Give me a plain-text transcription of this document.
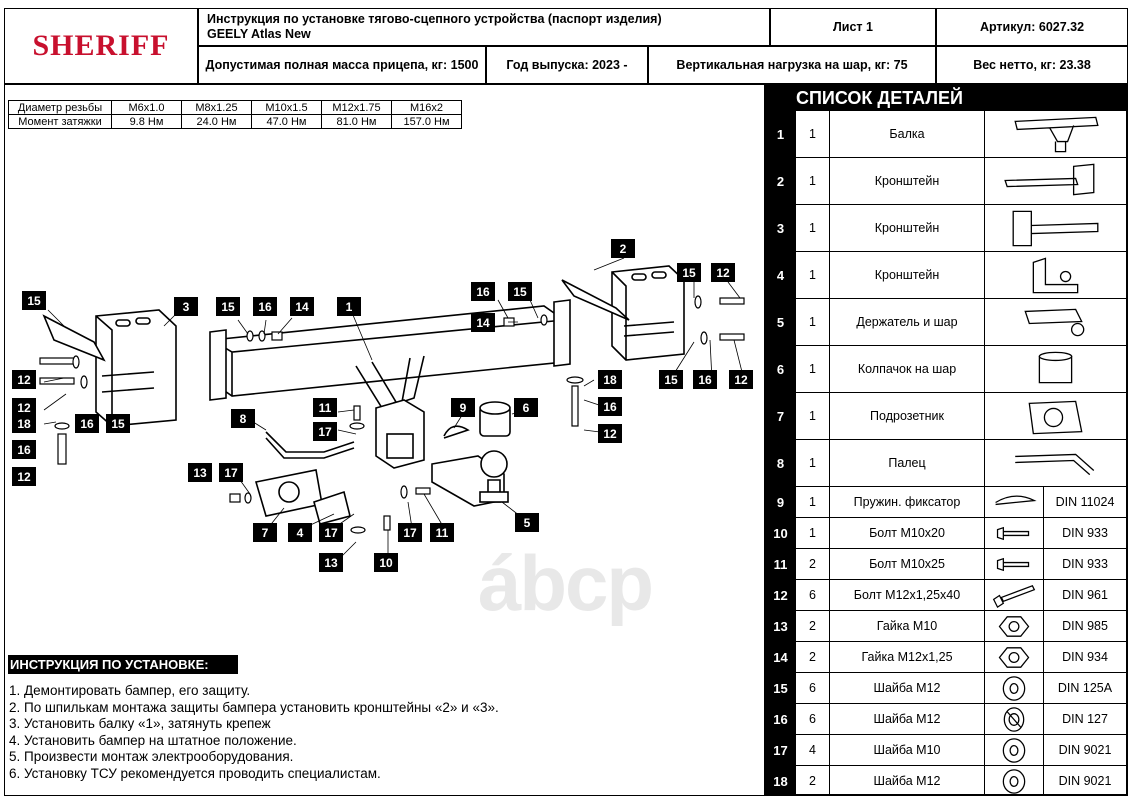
SHERIFF
Инструкция по установке тягово-сцепного устройства (паспорт изделия)
GEELY Atlas New	Лист 1	Артикул: 6027.32
Допустимая полная масса прицепа, кг: 1500	Год выпуска: 2023 -	Вертикальная нагрузка на шар, кг: 75	Вес нетто, кг: 23.38
Диаметр резьбы	М6x1.0	М8x1.25	М10x1.5	М12x1.75	М16x2
Момент затяжки	9.8 Нм	24.0 Нм	47.0 Нм	81.0 Нм	157.0 Нм
ábcp
15	3	15	16	14	1
2
15	12
16	15
14
12
12
18	16	15
18
16
12
12
8
11
17
9	6
15	16	12
16
13	17
7	4	17	17	11
5
13	10
ИНСТРУКЦИЯ ПО УСТАНОВКЕ:
1. Демонтировать бампер, его защиту.
2. По шпилькам монтажа защиты бампера установить кронштейны «2» и «3».
3. Установить балку «1», затянуть крепеж
4. Установить бампер на штатное положение.
5. Произвести монтаж электрооборудования.
6. Установку ТСУ рекомендуется проводить специалистам.
СПИСОК ДЕТАЛЕЙ
1	1	Балка
2	1	Кронштейн
3	1	Кронштейн
4	1	Кронштейн
5	1	Держатель и шар
6	1	Колпачок на шар
7	1	Подрозетник
8	1	Палец
9	1	Пружин. фиксатор	DIN 11024
10	1	Болт М10x20	DIN 933
11	2	Болт М10x25	DIN 933
12	6	Болт М12x1,25x40	DIN 961
13	2	Гайка М10	DIN 985
14	2	Гайка М12x1,25	DIN 934
15	6	Шайба М12	DIN 125A
16	6	Шайба М12	DIN 127
17	4	Шайба М10	DIN 9021
18	2	Шайба М12	DIN 9021
